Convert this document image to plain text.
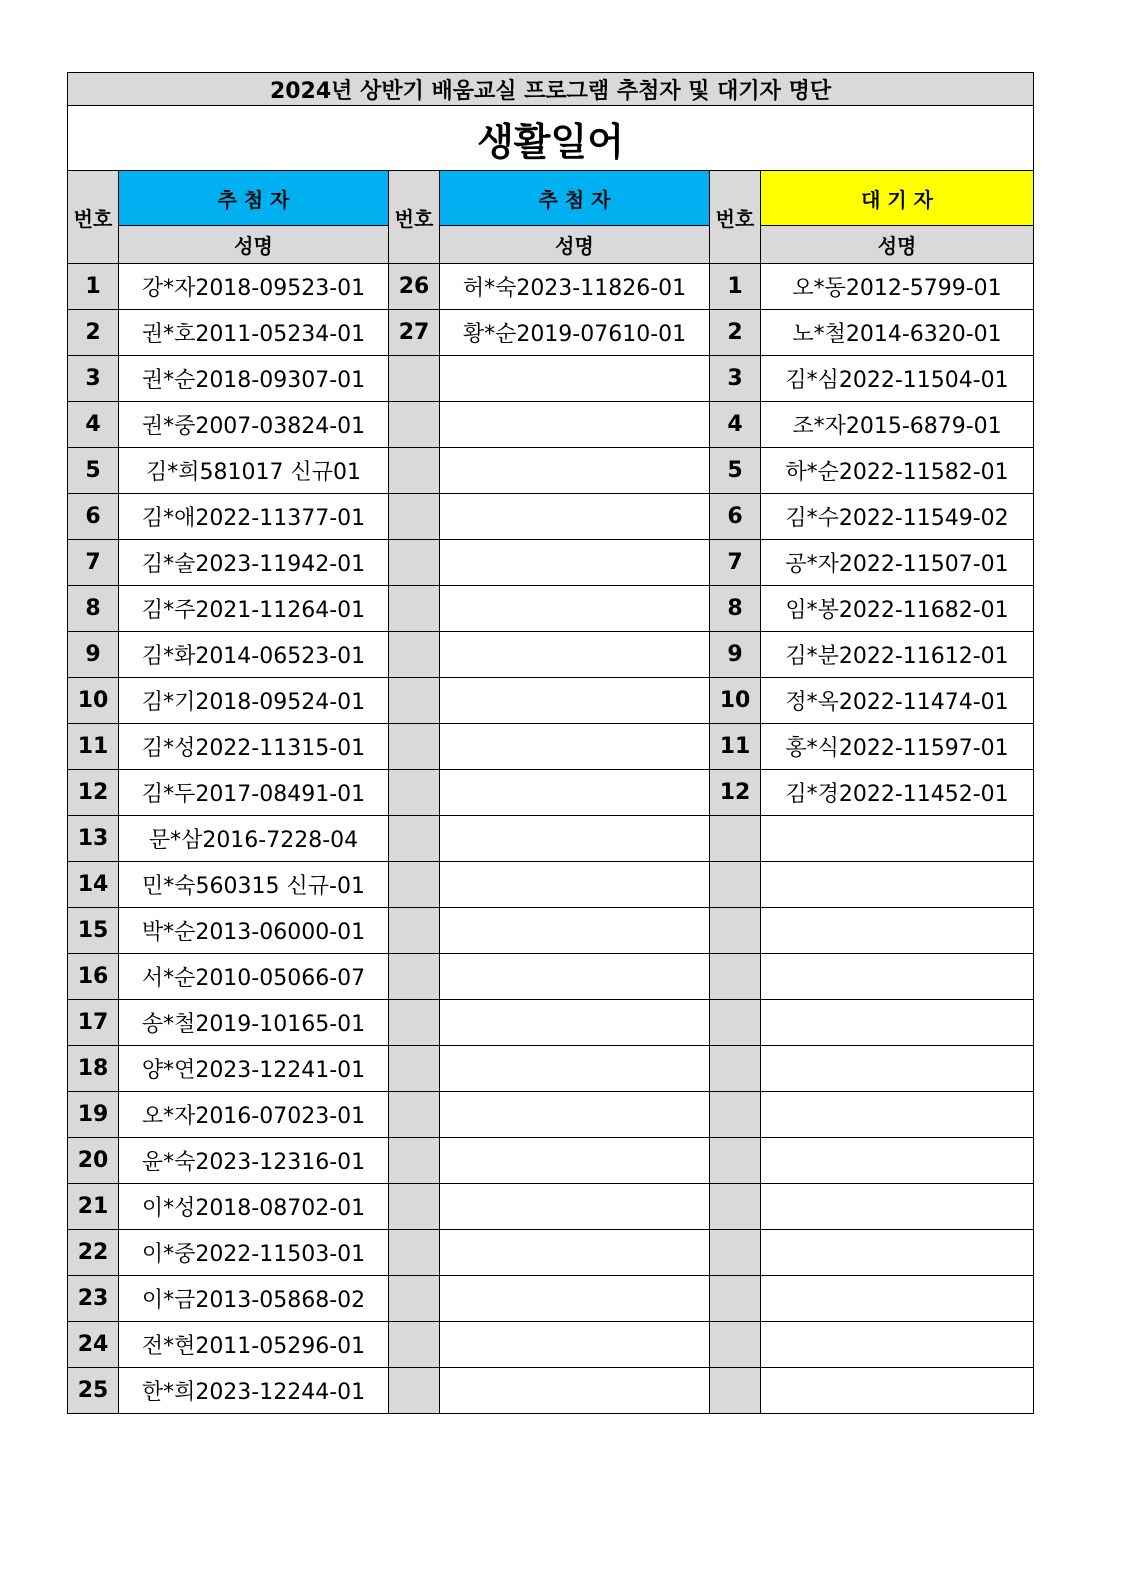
2024년 상반기 배움교실 프로그램 추첨자 및 대기자 명단					
생활일어					
번호	추 첨 자	번호	추 첨 자	번호	대 기 자
	성명		성명		성명
1	강*자2018-09523-01	26	허*숙2023-11826-01	1	오*동2012-5799-01
2	권*호2011-05234-01	27	황*순2019-07610-01	2	노*철2014-6320-01
3	권*순2018-09307-01			3	김*심2022-11504-01
4	권*중2007-03824-01			4	조*자2015-6879-01
5	김*희581017 신규01			5	하*순2022-11582-01
6	김*애2022-11377-01			6	김*수2022-11549-02
7	김*술2023-11942-01			7	공*자2022-11507-01
8	김*주2021-11264-01			8	임*봉2022-11682-01
9	김*화2014-06523-01			9	김*분2022-11612-01
10	김*기2018-09524-01			10	정*옥2022-11474-01
11	김*성2022-11315-01			11	홍*식2022-11597-01
12	김*두2017-08491-01			12	김*경2022-11452-01
13	문*삼2016-7228-04				
14	민*숙560315 신규-01				
15	박*순2013-06000-01				
16	서*순2010-05066-07				
17	송*철2019-10165-01				
18	양*연2023-12241-01				
19	오*자2016-07023-01				
20	윤*숙2023-12316-01				
21	이*성2018-08702-01				
22	이*중2022-11503-01				
23	이*금2013-05868-02				
24	전*현2011-05296-01				
25	한*희2023-12244-01				
